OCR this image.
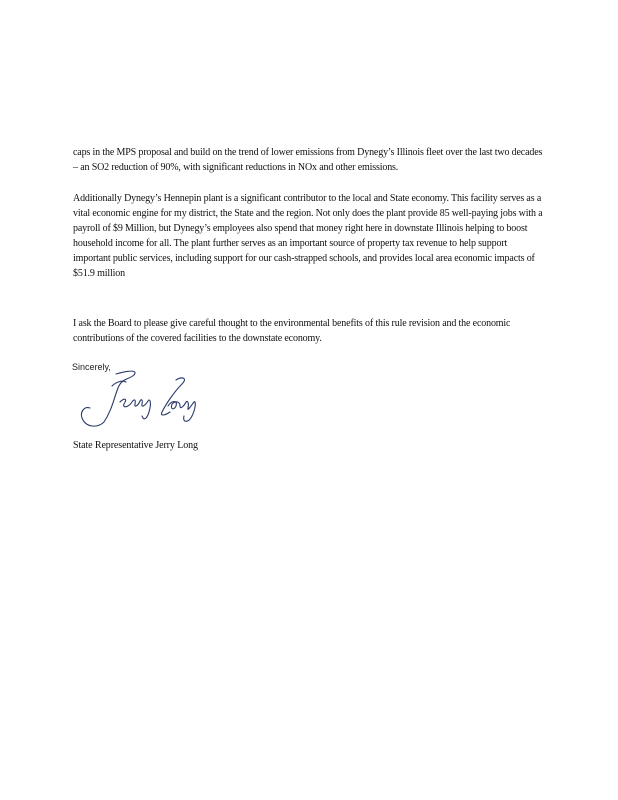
caps in the MPS proposal and build on the trend of lower emissions from Dynegy’s Illinois fleet over the last two decades – an SO2 reduction of 90%, with significant reductions in NOx and other emissions.

Additionally Dynegy’s Hennepin plant is a significant contributor to the local and State economy. This facility serves as a vital economic engine for my district, the State and the region. Not only does the plant provide 85 well-paying jobs with a payroll of $9 Million, but Dynegy’s employees also spend that money right here in downstate Illinois helping to boost household income for all. The plant further serves as an important source of property tax revenue to help support important public services, including support for our cash-strapped schools, and provides local area economic impacts of $51.9 million

I ask the Board to please give careful thought to the environmental benefits of this rule revision and the economic contributions of the covered facilities to the downstate economy.

Sincerely,
State Representative Jerry Long
